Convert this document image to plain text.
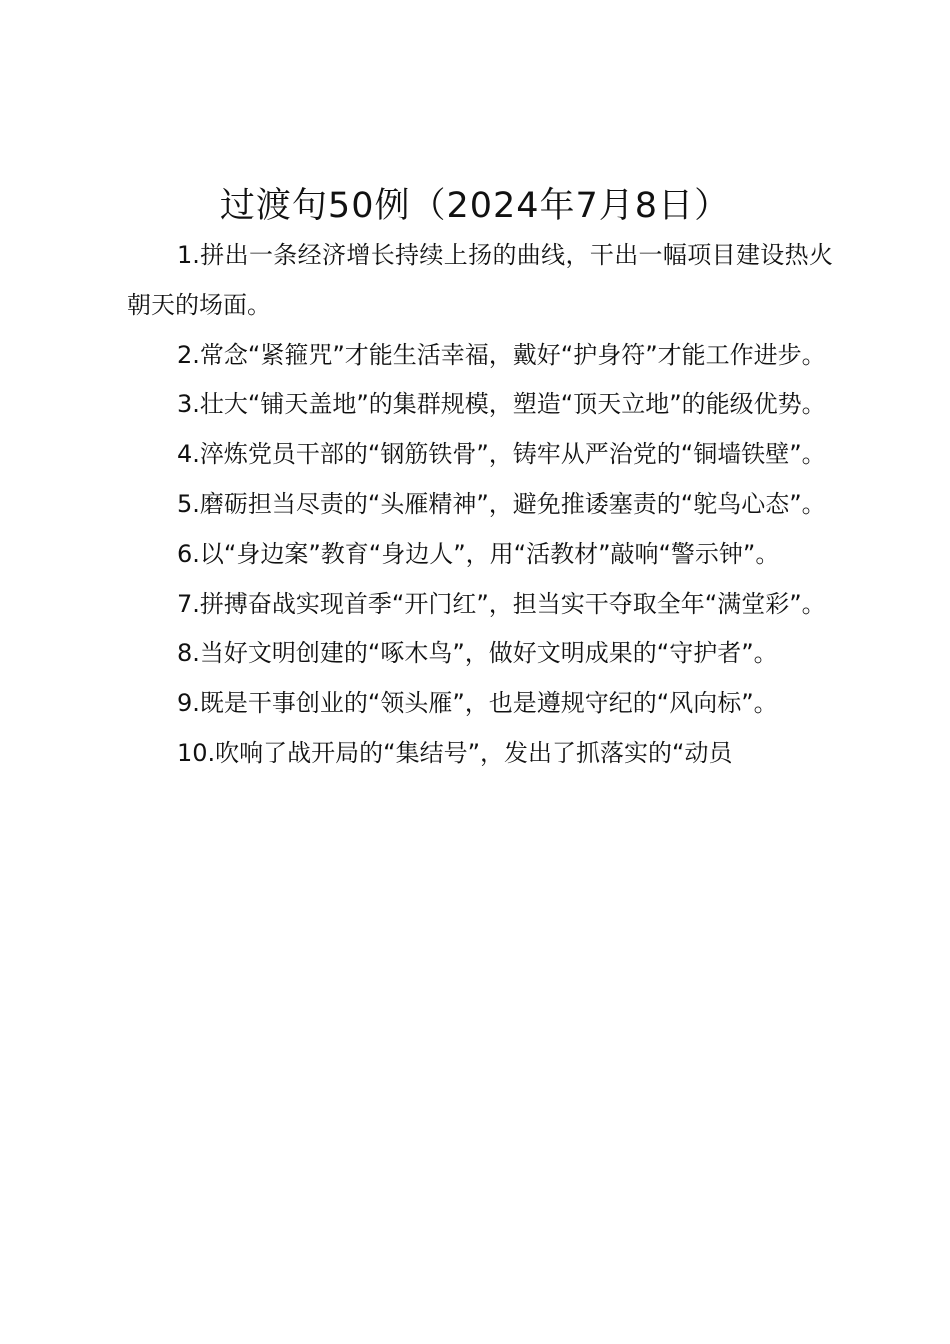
过渡句50例（2024年7月8日）

1.拼出一条经济增长持续上扬的曲线，干出一幅项目建设热火朝天的场面。

2.常念“紧箍咒”才能生活幸福，戴好“护身符”才能工作进步。

3.壮大“铺天盖地”的集群规模，塑造“顶天立地”的能级优势。

4.淬炼党员干部的“钢筋铁骨”，铸牢从严治党的“铜墙铁壁”。

5.磨砺担当尽责的“头雁精神”，避免推诿塞责的“鸵鸟心态”。

6.以“身边案”教育“身边人”，用“活教材”敲响“警示钟”。

7.拼搏奋战实现首季“开门红”，担当实干夺取全年“满堂彩”。

8.当好文明创建的“啄木鸟”，做好文明成果的“守护者”。

9.既是干事创业的“领头雁”，也是遵规守纪的“风向标”。

10.吹响了战开局的“集结号”，发出了抓落实的“动员
